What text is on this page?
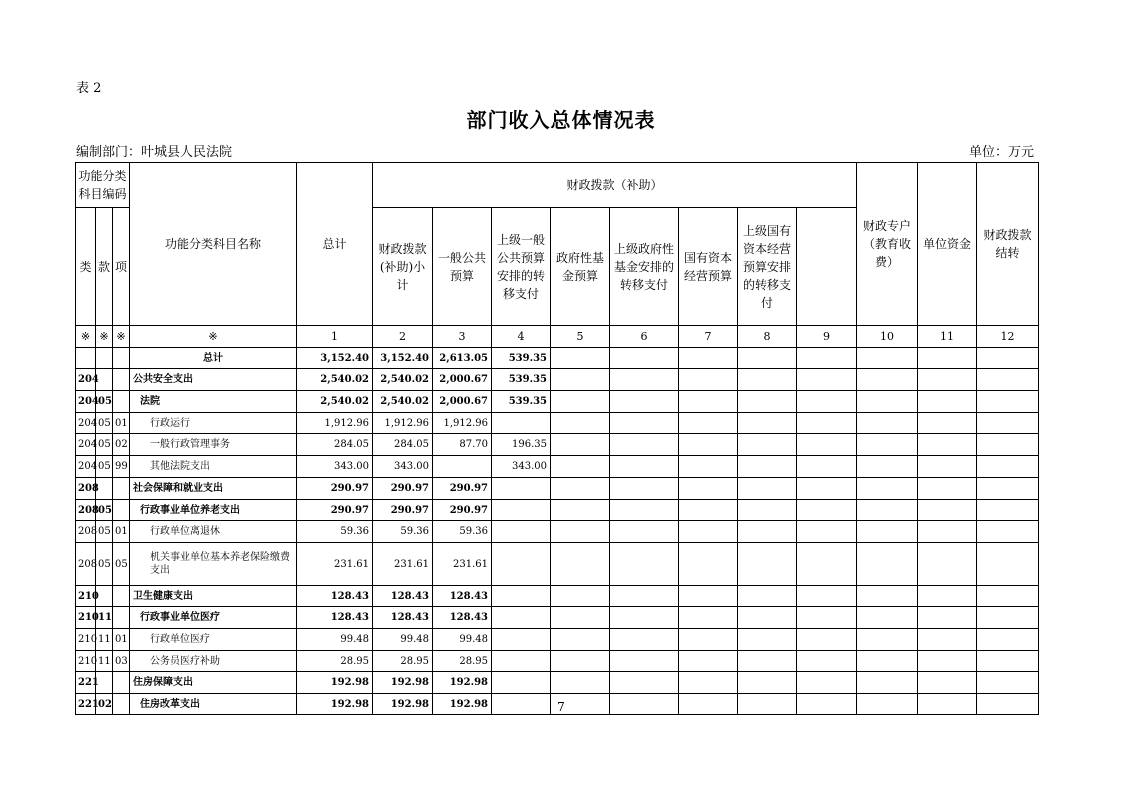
表 2
部门收入总体情况表
编制部门：叶城县人民法院	单位：万元
功能分类科目编码			功能分类科目名称	总计	财政拨款（补助）								财政专户（教育收费）	单位资金	财政拨款结转	
类	款	项			财政拨款(补助)小计	一般公共预算	上级一般公共预算安排的转移支付	政府性基金预算	上级政府性基金安排的转移支付	国有资本经营预算	上级国有资本经营预算安排的转移支付					
※	※	※	※	1	2	3	4	5	6	7	8	9	10	11	12	
			总计	3,152.40	3,152.40	2,613.05	539.35									
204			公共安全支出	2,540.02	2,540.02	2,000.67	539.35									
204	05		法院	2,540.02	2,540.02	2,000.67	539.35									
204	05	01	行政运行	1,912.96	1,912.96	1,912.96										
204	05	02	一般行政管理事务	284.05	284.05	87.70	196.35									
204	05	99	其他法院支出	343.00	343.00		343.00									
208			社会保障和就业支出	290.97	290.97	290.97										
208	05		行政事业单位养老支出	290.97	290.97	290.97										
208	05	01	行政单位离退休	59.36	59.36	59.36										
208	05	05	机关事业单位基本养老保险缴费支出	231.61	231.61	231.61										
210			卫生健康支出	128.43	128.43	128.43										
210	11		行政事业单位医疗	128.43	128.43	128.43										
210	11	01	行政单位医疗	99.48	99.48	99.48										
210	11	03	公务员医疗补助	28.95	28.95	28.95										
221			住房保障支出	192.98	192.98	192.98										
221	02		住房改革支出	192.98	192.98	192.98											7
